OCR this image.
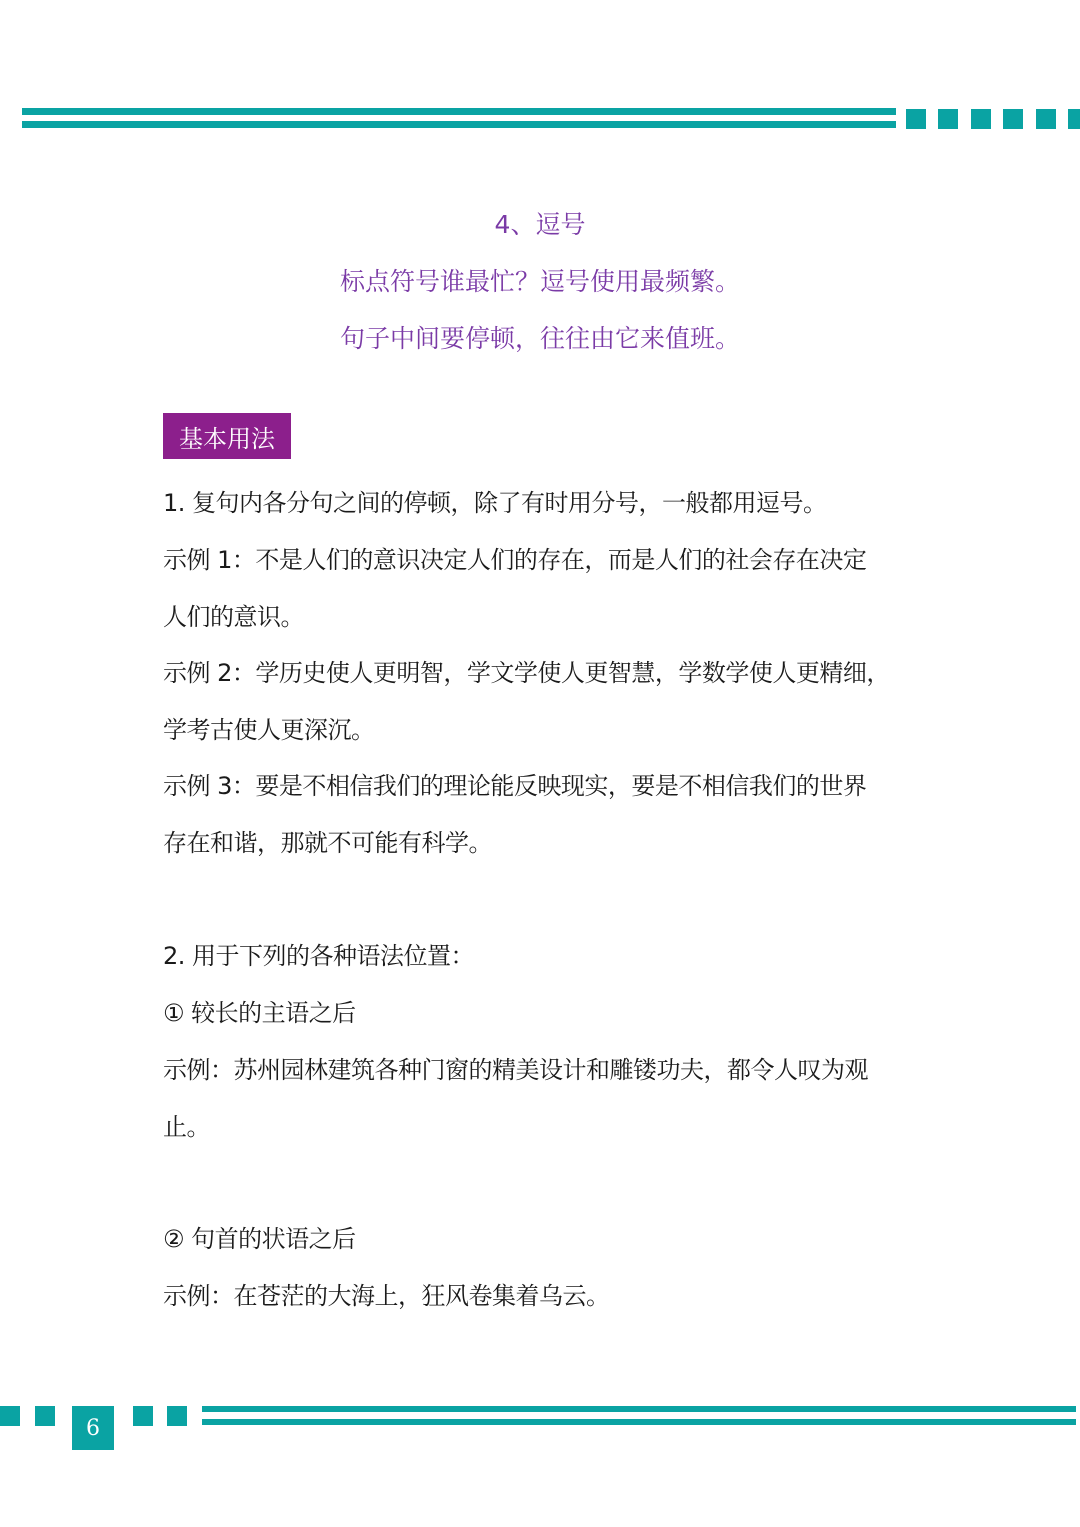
4、逗号
标点符号谁最忙？逗号使用最频繁。
句子中间要停顿，往往由它来值班。
基本用法
1. 复句内各分句之间的停顿，除了有时用分号，一般都用逗号。
示例 1：不是人们的意识决定人们的存在，而是人们的社会存在决定
人们的意识。
示例 2：学历史使人更明智，学文学使人更智慧，学数学使人更精细，
学考古使人更深沉。
示例 3：要是不相信我们的理论能反映现实，要是不相信我们的世界
存在和谐，那就不可能有科学。
2. 用于下列的各种语法位置：
① 较长的主语之后
示例：苏州园林建筑各种门窗的精美设计和雕镂功夫，都令人叹为观
止。
② 句首的状语之后
示例：在苍茫的大海上，狂风卷集着乌云。
6
